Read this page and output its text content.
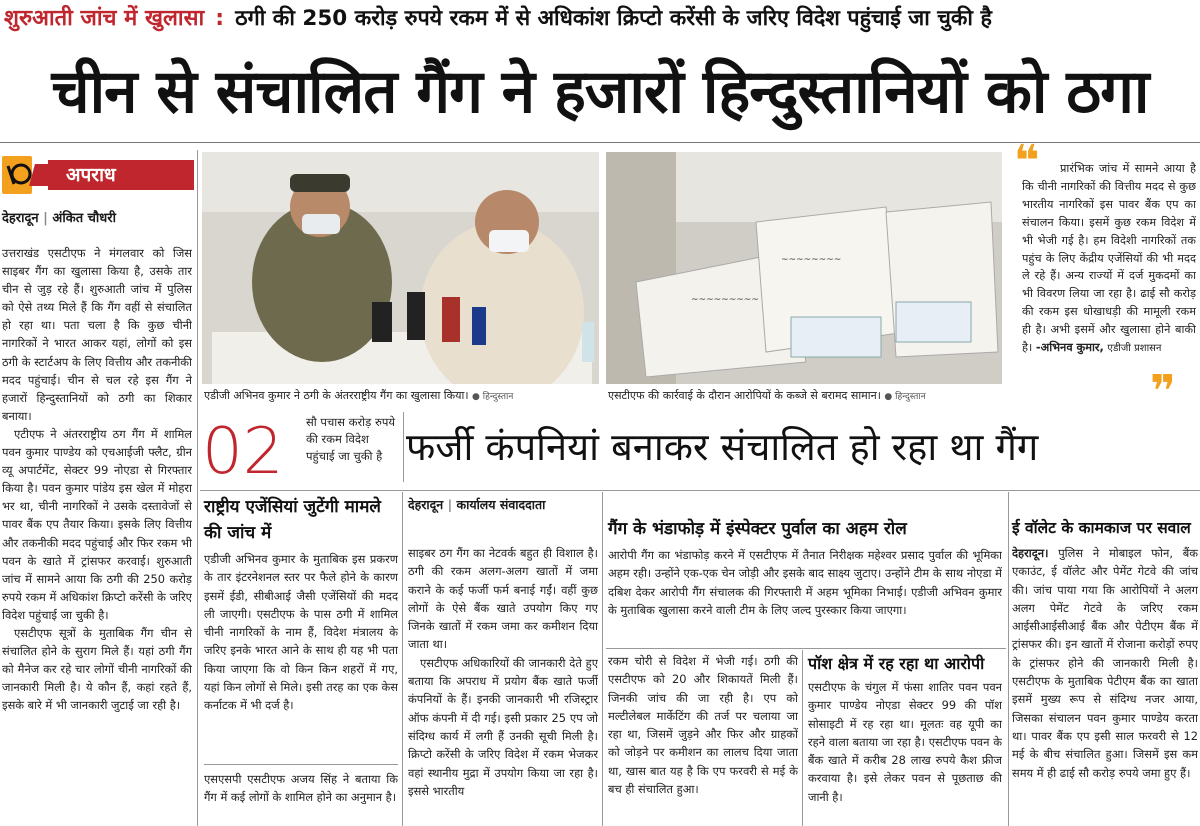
शुरुआती जांच में खुलासा : ठगी की 250 करोड़ रुपये रकम में से अधिकांश क्रिप्टो करेंसी के जरिए विदेश पहुंचाई जा चुकी है
चीन से संचालित गैंग ने हजारों हिन्दुस्तानियों को ठगा
अपराध
देहरादून | अंकित चौधरी

उत्तराखंड एसटीएफ ने मंगलवार को जिस साइबर गैंग का खुलासा किया है, उसके तार चीन से जुड़ रहे हैं। शुरुआती जांच में पुलिस को ऐसे तथ्य मिले हैं कि गैंग वहीं से संचालित हो रहा था। पता चला है कि कुछ चीनी नागरिकों ने भारत आकर यहां, लोगों को इस ठगी के स्टार्टअप के लिए वित्तीय और तकनीकी मदद पहुंचाई। चीन से चल रहे इस गैंग ने हजारों हिन्दुस्तानियों को ठगी का शिकार बनाया।

एटीएफ ने अंतरराष्ट्रीय ठग गैंग में शामिल पवन कुमार पाण्डेय को एचआईजी फ्लैट, ग्रीन व्यू अपार्टमेंट, सेक्टर 99 नोएडा से गिरफ्तार किया है। पवन कुमार पांडेय इस खेल में मोहरा भर था, चीनी नागरिकों ने उसके दस्तावेजों से पावर बैंक एप तैयार किया। इसके लिए वित्तीय और तकनीकी मदद पहुंचाई और फिर रकम भी पवन के खाते में ट्रांसफर करवाई। शुरुआती जांच में सामने आया कि ठगी की 250 करोड़ रुपये रकम में अधिकांश क्रिप्टो करेंसी के जरिए विदेश पहुंचाई जा चुकी है।

एसटीएफ सूत्रों के मुताबिक गैंग चीन से संचालित होने के सुराग मिले हैं। यहां ठगी गैंग को मैनेज कर रहे चार लोगों चीनी नागरिकों की जानकारी मिली है। ये कौन हैं, कहां रहते हैं, इसके बारे में भी जानकारी जुटाई जा रही है।

एडीजी अभिनव कुमार ने ठगी के अंतरराष्ट्रीय गैंग का खुलासा किया। ● हिन्दुस्तान
~~~~~~~~~
~~~~~~~~
एसटीएफ की कार्रवाई के दौरान आरोपियों के कब्जे से बरामद सामान। ● हिन्दुस्तान
❝	प्रारंभिक जांच में सामने आया है कि चीनी नागरिकों की वित्तीय मदद से कुछ भारतीय नागरिकों इस पावर बैंक एप का संचालन किया। इसमें कुछ रकम विदेश में भी भेजी गई है। हम विदेशी नागरिकों तक पहुंच के लिए केंद्रीय एजेंसियों की भी मदद ले रहे हैं। अन्य राज्यों में दर्ज मुकदमों का भी विवरण लिया जा रहा है। ढाई सौ करोड़ की रकम इस धोखाधड़ी की मामूली रकम ही है। अभी इसमें और खुलासा होने बाकी है। -अभिनव कुमार, एडीजी प्रशासन
❞
02	सौ पचास करोड़ रुपये की रकम विदेश पहुंचाई जा चुकी है फर्जी कंपनियां बनाकर संचालित हो रहा था गैंग
राष्ट्रीय एजेंसियां जुटेंगी मामले की जांच में
एडीजी अभिनव कुमार के मुताबिक इस प्रकरण के तार इंटरनेशनल स्तर पर फैले होने के कारण इसमें ईडी, सीबीआई जैसी एजेंसियों की मदद ली जाएगी। एसटीएफ के पास ठगी में शामिल चीनी नागरिकों के नाम हैं, विदेश मंत्रालय के जरिए इनके भारत आने के साथ ही यह भी पता किया जाएगा कि वो किन किन शहरों में गए, यहां किन लोगों से मिले। इसी तरह का एक केस कर्नाटक में भी दर्ज है।
एसएसपी एसटीएफ अजय सिंह ने बताया कि गैंग में कई लोगों के शामिल होने का अनुमान है।
देहरादून | कार्यालय संवाददाता

साइबर ठग गैंग का नेटवर्क बहुत ही विशाल है। ठगी की रकम अलग-अलग खातों में जमा कराने के कई फर्जी फर्म बनाई गईं। वहीं कुछ लोगों के ऐसे बैंक खाते उपयोग किए गए जिनके खातों में रकम जमा कर कमीशन दिया जाता था।

एसटीएफ अधिकारियों की जानकारी देते हुए बताया कि अपराध में प्रयोग बैंक खाते फर्जी कंपनियों के हैं। इनकी जानकारी भी रजिस्ट्रार ऑफ कंपनी में दी गई। इसी प्रकार 25 एप जो संदिग्ध कार्य में लगी हैं उनकी सूची मिली है। क्रिप्टो करेंसी के जरिए विदेश में रकम भेजकर वहां स्थानीय मुद्रा में उपयोग किया जा रहा है। इससे भारतीय

गैंग के भंडाफोड़ में इंस्पेक्टर पुर्वाल का अहम रोल
आरोपी गैंग का भंडाफोड़ करने में एसटीएफ में तैनात निरीक्षक महेश्वर प्रसाद पुर्वाल की भूमिका अहम रही। उन्होंने एक-एक चेन जोड़ी और इसके बाद साक्ष्य जुटाए। उन्होंने टीम के साथ नोएडा में दबिश देकर आरोपी गैंग संचालक की गिरफ्तारी में अहम भूमिका निभाई। एडीजी अभिवन कुमार के मुताबिक खुलासा करने वाली टीम के लिए जल्द पुरस्कार किया जाएगा।
रकम चोरी से विदेश में भेजी गई। ठगी की एसटीएफ को 20 और शिकायतें मिली हैं। जिनकी जांच की जा रही है। एप को मल्टीलेबल मार्केटिंग की तर्ज पर चलाया जा रहा था, जिसमें जुड़ने और फिर और ग्राहकों को जोड़ने पर कमीशन का लालच दिया जाता था, खास बात यह है कि एप फरवरी से मई के बच ही संचालित हुआ।
पॉश क्षेत्र में रह रहा था आरोपी
एसटीएफ के चंगुल में फंसा शातिर पवन पवन कुमार पाण्डेय नोएडा सेक्टर 99 की पॉश सोसाइटी में रह रहा था। मूलतः वह यूपी का रहने वाला बताया जा रहा है। एसटीएफ पवन के बैंक खाते में करीब 28 लाख रुपये कैश फ्रीज करवाया है। इसे लेकर पवन से पूछताछ की जानी है।
ई वॉलेट के कामकाज पर सवाल
देहरादून। पुलिस ने मोबाइल फोन, बैंक एकाउंट, ई वॉलेट और पेमेंट गेटवे की जांच की। जांच पाया गया कि आरोपियों ने अलग अलग पेमेंट गेटवे के जरिए रकम आईसीआईसीआई बैंक और पेटीएम बैंक में ट्रांसफर की। इन खातों में रोजाना करोड़ों रुपए के ट्रांसफर होने की जानकारी मिली है। एसटीएफ के मुताबिक पेटीएम बैंक का खाता इसमें मुख्य रूप से संदिग्ध नजर आया, जिसका संचालन पवन कुमार पाण्डेय करता था। पावर बैंक एप इसी साल फरवरी से 12 मई के बीच संचालित हुआ। जिसमें इस कम समय में ही ढाई सौ करोड़ रुपये जमा हुए हैं।
